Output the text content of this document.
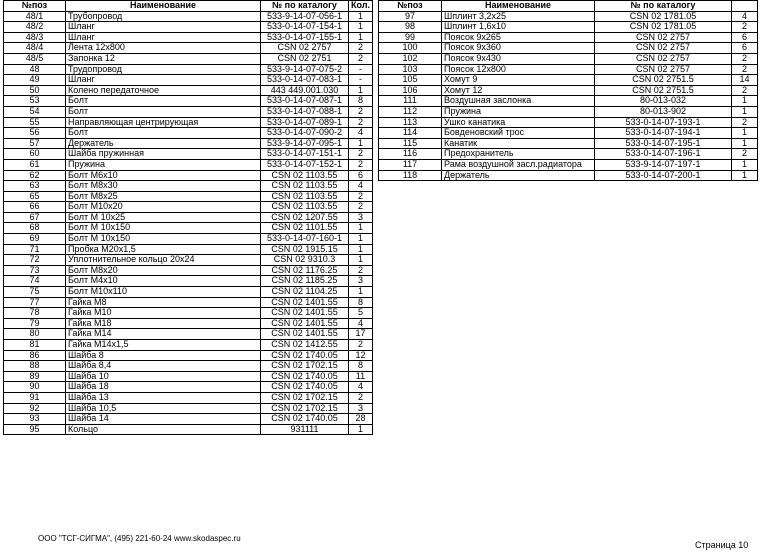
№поз	Наименование	№ по каталогу	Кол.
48/1	Трубопровод	533-9-14-07-056-1	1
48/2	Шланг	533-0-14-07-154-1	1
48/3	Шланг	533-0-14-07-155-1	1
48/4	Лента 12x800	CSN 02 2757	2
48/5	Запонка 12	CSN 02 2751	2
48	Трудопровод	533-9-14-07-075-2	-
49	Шланг	533-0-14-07-083-1	-
50	Колено передаточное	443 449.001.030	1
53	Болт	533-0-14-07-087-1	8
54	Болт	533-0-14-07-088-1	2
55	Направляющая центрирующая	533-0-14-07-089-1	2
56	Болт	533-0-14-07-090-2	4
57	Держатель	533-9-14-07-095-1	1
60	Шайба пружинная	533-0-14-07-151-1	2
61	Пружина	533-0-14-07-152-1	2
62	Болт М6x10	CSN 02 1103.55	6
63	Болт М8x30	CSN 02 1103.55	4
65	Болт М8x25	CSN 02 1103.55	2
66	Болт М10x20	CSN 02 1103.55	2
67	Болт М 10x25	CSN 02 1207.55	3
68	Болт М 10x150	CSN 02 1101.55	1
69	Болт М 10x150	533-0-14-07-160-1	1
71	Пробка М20x1,5	CSN 02 1915.15	1
72	Уплотнительное кольцо 20x24	CSN 02 9310.3	1
73	Болт М8x20	CSN 02 1176.25	2
74	Болт М4x10	CSN 02 1185.25	3
75	Болт М10x110	CSN 02 1104.25	1
77	Гайка М8	CSN 02 1401.55	8
78	Гайка М10	CSN 02 1401.55	5
79	Гайка М18	CSN 02 1401.55	4
80	Гайка М14	CSN 02 1401.55	17
81	Гайка М14x1,5	CSN 02 1412.55	2
86	Шайба 8	CSN 02 1740.05	12
88	Шайба 8,4	CSN 02 1702.15	8
89	Шайба 10	CSN 02 1740.05	11
90	Шайба 18	CSN 02 1740.05	4
91	Шайба 13	CSN 02 1702.15	2
92	Шайба 10,5	CSN 02 1702.15	3
93	Шайба 14	CSN 02 1740.05	28
95	Кольцо	931111	1
№поз	Наименование	№ по каталогу	
97	Шплинт 3,2x25	CSN 02 1781.05	4
98	Шплинт 1,6x10	CSN 02 1781.05	2
99	Поясок 9x265	CSN 02 2757	6
100	Поясок 9x360	CSN 02 2757	6
102	Поясок 9x430	CSN 02 2757	2
103	Поясок 12x800	CSN 02 2757	2
105	Хомут 9	CSN 02 2751.5	14
106	Хомут 12	CSN 02 2751.5	2
111	Воздушная заслонка	80-013-032	1
112	Пружина	80-013-902	1
113	Ушко канатика	533-0-14-07-193-1	2
114	Бовденовский трос	533-0-14-07-194-1	1
115	Канатик	533-0-14-07-195-1	1
116	Предохранитель	533-0-14-07-196-1	2
117	Рама воздушной засл.радиатора	533-9-14-07-197-1	1
118	Держатель	533-0-14-07-200-1	1
ООО "ТСГ-СИГМА", (495) 221-60-24 www.skodaspec.ru
Страница 10
